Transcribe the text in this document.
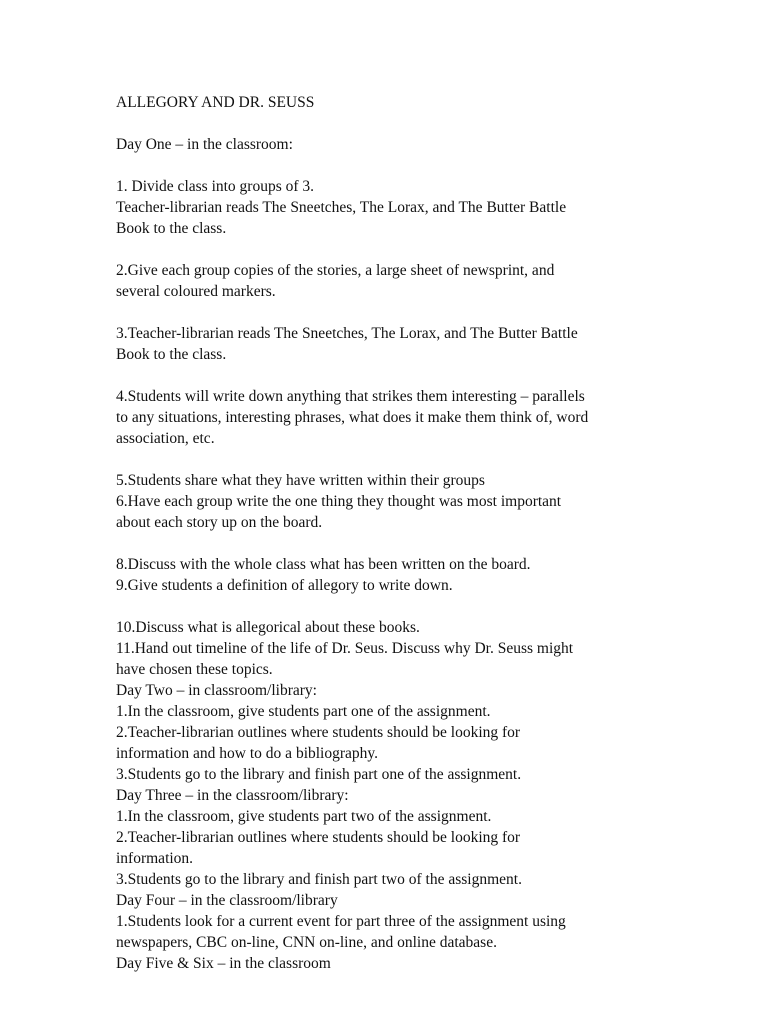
ALLEGORY AND DR. SEUSS

Day One – in the classroom:

1. Divide class into groups of 3.

Teacher-librarian reads The Sneetches, The Lorax, and The Butter Battle

Book to the class.

2.Give each group copies of the stories, a large sheet of newsprint, and

several coloured markers.

3.Teacher-librarian reads The Sneetches, The Lorax, and The Butter Battle

Book to the class.

4.Students will write down anything that strikes them interesting – parallels

to any situations, interesting phrases, what does it make them think of, word

association, etc.

5.Students share what they have written within their groups

6.Have each group write the one thing they thought was most important

about each story up on the board.

8.Discuss with the whole class what has been written on the board.

9.Give students a definition of allegory to write down.

10.Discuss what is allegorical about these books.

11.Hand out timeline of the life of Dr. Seus. Discuss why Dr. Seuss might

have chosen these topics.

Day Two – in classroom/library:

1.In the classroom, give students part one of the assignment.

2.Teacher-librarian outlines where students should be looking for

information and how to do a bibliography.

3.Students go to the library and finish part one of the assignment.

Day Three – in the classroom/library:

1.In the classroom, give students part two of the assignment.

2.Teacher-librarian outlines where students should be looking for

information.

3.Students go to the library and finish part two of the assignment.

Day Four – in the classroom/library

1.Students look for a current event for part three of the assignment using

newspapers, CBC on-line, CNN on-line, and online database.

Day Five & Six – in the classroom
